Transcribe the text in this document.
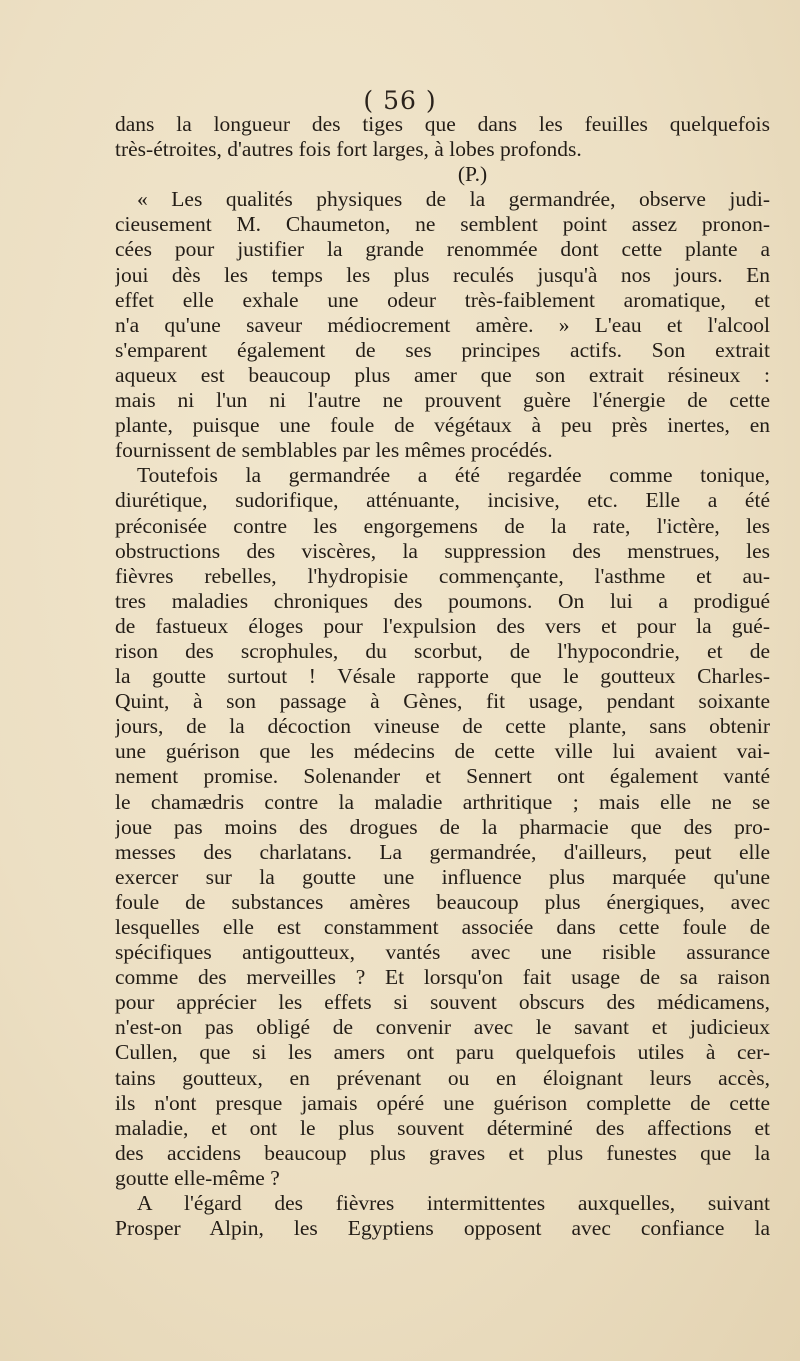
( 56 )
dans la longueur des tiges que dans les feuilles quelquefois
très-étroites, d'autres fois fort larges, à lobes profonds.
(P.)
« Les qualités physiques de la germandrée, observe judi-
cieusement M. Chaumeton, ne semblent point assez pronon-
cées pour justifier la grande renommée dont cette plante a
joui dès les temps les plus reculés jusqu'à nos jours. En
effet elle exhale une odeur très-faiblement aromatique, et
n'a qu'une saveur médiocrement amère. » L'eau et l'alcool
s'emparent également de ses principes actifs. Son extrait
aqueux est beaucoup plus amer que son extrait résineux :
mais ni l'un ni l'autre ne prouvent guère l'énergie de cette
plante, puisque une foule de végétaux à peu près inertes, en
fournissent de semblables par les mêmes procédés.
Toutefois la germandrée a été regardée comme tonique,
diurétique, sudorifique, atténuante, incisive, etc. Elle a été
préconisée contre les engorgemens de la rate, l'ictère, les
obstructions des viscères, la suppression des menstrues, les
fièvres rebelles, l'hydropisie commençante, l'asthme et au-
tres maladies chroniques des poumons. On lui a prodigué
de fastueux éloges pour l'expulsion des vers et pour la gué-
rison des scrophules, du scorbut, de l'hypocondrie, et de
la goutte surtout ! Vésale rapporte que le goutteux Charles-
Quint, à son passage à Gènes, fit usage, pendant soixante
jours, de la décoction vineuse de cette plante, sans obtenir
une guérison que les médecins de cette ville lui avaient vai-
nement promise. Solenander et Sennert ont également vanté
le chamædris contre la maladie arthritique ; mais elle ne se
joue pas moins des drogues de la pharmacie que des pro-
messes des charlatans. La germandrée, d'ailleurs, peut elle
exercer sur la goutte une influence plus marquée qu'une
foule de substances amères beaucoup plus énergiques, avec
lesquelles elle est constamment associée dans cette foule de
spécifiques antigoutteux, vantés avec une risible assurance
comme des merveilles ? Et lorsqu'on fait usage de sa raison
pour apprécier les effets si souvent obscurs des médicamens,
n'est-on pas obligé de convenir avec le savant et judicieux
Cullen, que si les amers ont paru quelquefois utiles à cer-
tains goutteux, en prévenant ou en éloignant leurs accès,
ils n'ont presque jamais opéré une guérison complette de cette
maladie, et ont le plus souvent déterminé des affections et
des accidens beaucoup plus graves et plus funestes que la
goutte elle-même ?
A l'égard des fièvres intermittentes auxquelles, suivant
Prosper Alpin, les Egyptiens opposent avec confiance la
